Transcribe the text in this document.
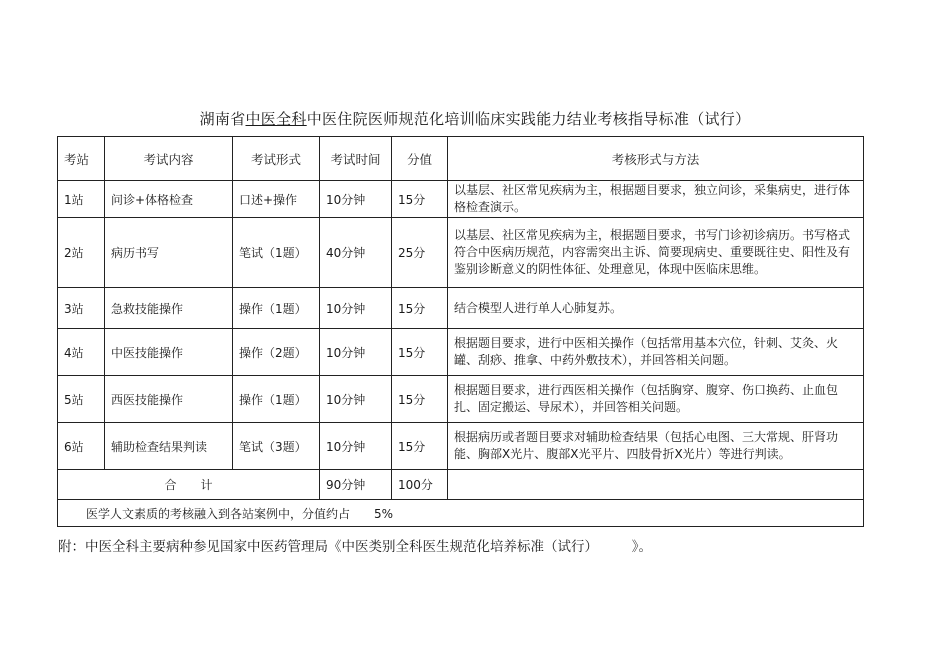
湖南省中医全科中医住院医师规范化培训临床实践能力结业考核指导标准（试行）
考站	考试内容	考试形式	考试时间	分值	考核形式与方法
1站	问诊+体格检查	口述+操作	10分钟	15分	以基层、社区常见疾病为主，根据题目要求，独立问诊，采集病史，进行体格检查演示。
2站	病历书写	笔试（1题）	40分钟	25分	以基层、社区常见疾病为主，根据题目要求，书写门诊初诊病历。书写格式符合中医病历规范，内容需突出主诉、简要现病史、重要既往史、阳性及有鉴别诊断意义的阴性体征、处理意见，体现中医临床思维。
3站	急救技能操作	操作（1题）	10分钟	15分	结合模型人进行单人心肺复苏。
4站	中医技能操作	操作（2题）	10分钟	15分	根据题目要求，进行中医相关操作（包括常用基本穴位，针刺、艾灸、火罐、刮痧、推拿、中药外敷技术），并回答相关问题。
5站	西医技能操作	操作（1题）	10分钟	15分	根据题目要求，进行西医相关操作（包括胸穿、腹穿、伤口换药、止血包扎、固定搬运、导尿术），并回答相关问题。
6站	辅助检查结果判读	笔试（3题）	10分钟	15分	根据病历或者题目要求对辅助检查结果（包括心电图、三大常规、肝肾功能、胸部X光片、腹部X光平片、四肢骨折X光片）等进行判读。
合　　计			90分钟	100分	
医学人文素质的考核融入到各站案例中，分值约占　　5%					
附：中医全科主要病种参见国家中医药管理局《中医类别全科医生规范化培养标准（试行）　　　》。
